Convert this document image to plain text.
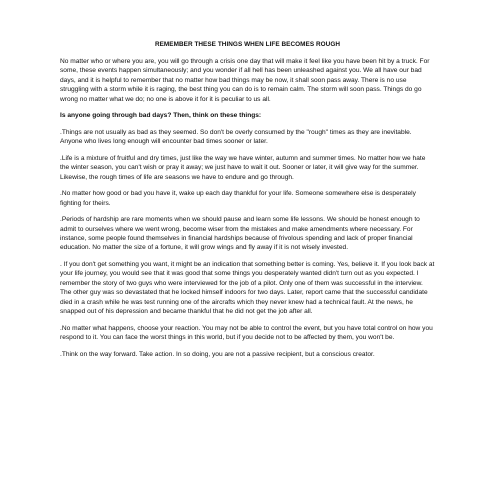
REMEMBER THESE THINGS WHEN LIFE BECOMES ROUGH

No matter who or where you are, you will go through a crisis one day that will make it feel like you have been hit by a truck. For some, these events happen simultaneously; and you wonder if all hell has been unleashed against you. We all have our bad days, and it is helpful to remember that no matter how bad things may be now, it shall soon pass away. There is no use struggling with a storm while it is raging, the best thing you can do is to remain calm. The storm will soon pass. Things do go wrong no matter what we do; no one is above it for it is peculiar to us all.

Is anyone going through bad days? Then, think on these things:

.Things are not usually as bad as they seemed. So don't be overly consumed by the "rough" times as they are inevitable. Anyone who lives long enough will encounter bad times sooner or later.

.Life is a mixture of fruitful and dry times, just like the way we have winter, autumn and summer times. No matter how we hate the winter season, you can't wish or pray it away; we just have to wait it out. Sooner or later, it will give way for the summer. Likewise, the rough times of life are seasons we have to endure and go through.

.No matter how good or bad you have it, wake up each day thankful for your life. Someone somewhere else is desperately fighting for theirs.

.Periods of hardship are rare moments when we should pause and learn some life lessons. We should be honest enough to admit to ourselves where we went wrong, become wiser from the mistakes and make amendments where necessary. For instance, some people found themselves in financial hardships because of frivolous spending and lack of proper financial education. No matter the size of a fortune, it will grow wings and fly away if it is not wisely invested.

. If you don't get something you want, it might be an indication that something better is coming. Yes, believe it. If you look back at your life journey, you would see that it was good that some things you desperately wanted didn't turn out as you expected. I remember the story of two guys who were interviewed for the job of a pilot. Only one of them was successful in the interview. The other guy was so devastated that he locked himself indoors for two days. Later, report came that the successful candidate died in a crash while he was test running one of the aircrafts which they never knew had a technical fault. At the news, he snapped out of his depression and became thankful that he did not get the job after all.

.No matter what happens, choose your reaction. You may not be able to control the event, but you have total control on how you respond to it. You can face the worst things in this world, but if you decide not to be affected by them, you won't be.

.Think on the way forward. Take action. In so doing, you are not a passive recipient, but a conscious creator.
